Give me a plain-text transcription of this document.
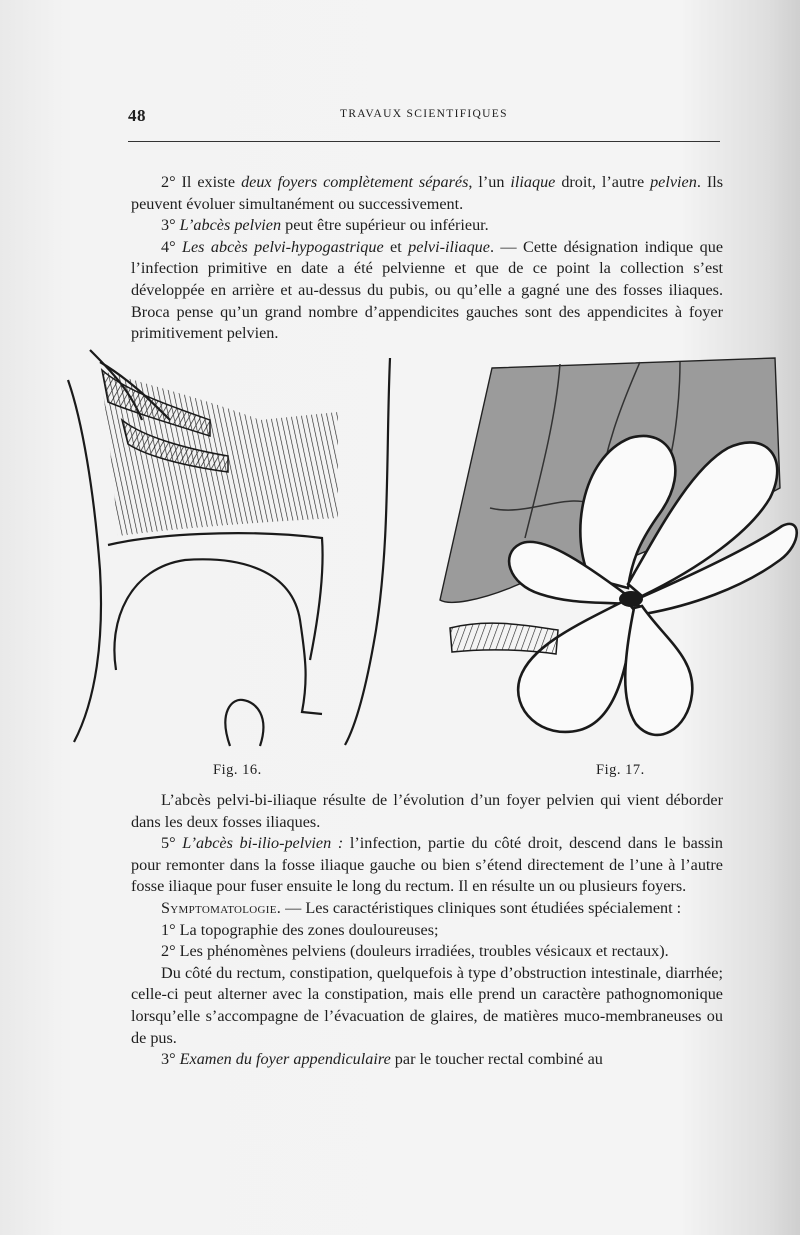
48	TRAVAUX SCIENTIFIQUES

2° Il existe deux foyers complètement séparés, l’un iliaque droit, l’autre pelvien. Ils peuvent évoluer simultanément ou successivement.

3° L’abcès pelvien peut être supérieur ou inférieur.

4° Les abcès pelvi-hypogastrique et pelvi-iliaque. — Cette désignation indique que l’infection primitive en date a été pelvienne et que de ce point la collection s’est développée en arrière et au-dessus du pubis, ou qu’elle a gagné une des fosses iliaques. Broca pense qu’un grand nombre d’appendicites gauches sont des appendicites à foyer primitivement pelvien.

Fig. 16.	Fig. 17.

L’abcès pelvi-bi-iliaque résulte de l’évolution d’un foyer pelvien qui vient déborder dans les deux fosses iliaques.

5° L’abcès bi-ilio-pelvien : l’infection, partie du côté droit, descend dans le bassin pour remonter dans la fosse iliaque gauche ou bien s’étend directement de l’une à l’autre fosse iliaque pour fuser ensuite le long du rectum. Il en résulte un ou plusieurs foyers.

Symptomatologie. — Les caractéristiques cliniques sont étudiées spécialement :

1° La topographie des zones douloureuses;

2° Les phénomènes pelviens (douleurs irradiées, troubles vésicaux et rectaux).

Du côté du rectum, constipation, quelquefois à type d’obstruction intestinale, diarrhée; celle-ci peut alterner avec la constipation, mais elle prend un caractère pathognomonique lorsqu’elle s’accompagne de l’évacuation de glaires, de matières muco-membraneuses ou de pus.

3° Examen du foyer appendiculaire par le toucher rectal combiné au
